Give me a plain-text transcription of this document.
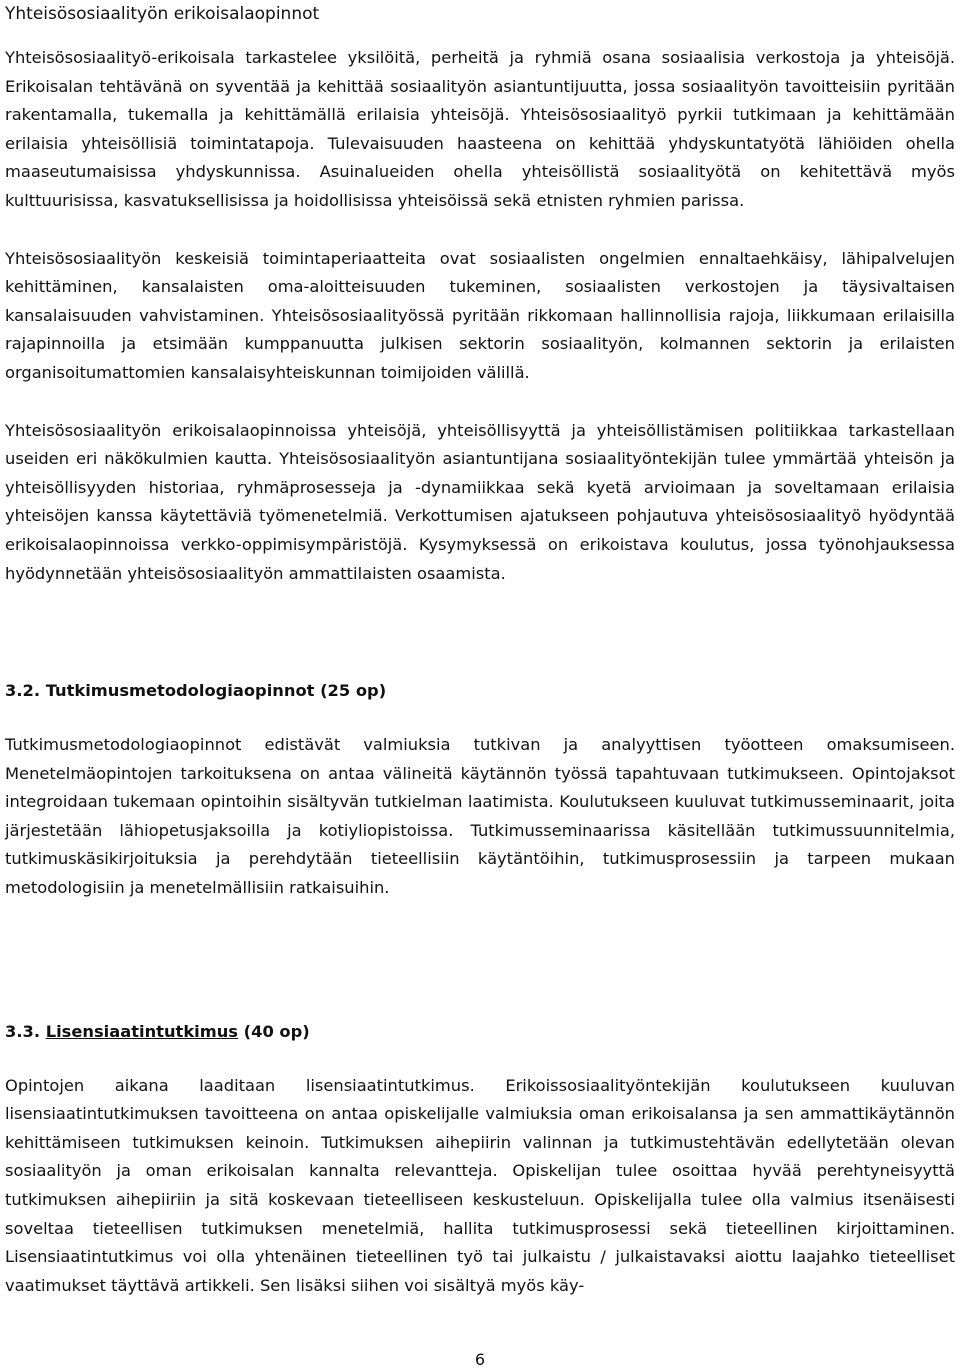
Yhteisösosiaalityön erikoisalaopinnot

Yhteisösosiaalityö-erikoisala tarkastelee yksilöitä, perheitä ja ryhmiä osana sosiaalisia verkostoja ja yhteisöjä. Erikoisalan tehtävänä on syventää ja kehittää sosiaalityön asiantuntijuutta, jossa sosiaalityön tavoitteisiin pyritään rakentamalla, tukemalla ja kehittämällä erilaisia yhteisöjä. Yhteisösosiaalityö pyrkii tutkimaan ja kehittämään erilaisia yhteisöllisiä toimintatapoja. Tulevaisuuden haasteena on kehittää yhdyskuntatyötä lähiöiden ohella maaseutumaisissa yhdyskunnissa. Asuinalueiden ohella yhteisöllistä sosiaalityötä on kehitettävä myös kulttuurisissa, kasvatuksellisissa ja hoidollisissa yhteisöissä sekä etnisten ryhmien parissa.

Yhteisösosiaalityön keskeisiä toimintaperiaatteita ovat sosiaalisten ongelmien ennaltaehkäisy, lähipalvelujen kehittäminen, kansalaisten oma-aloitteisuuden tukeminen, sosiaalisten verkostojen ja täysivaltaisen kansalaisuuden vahvistaminen. Yhteisösosiaalityössä pyritään rikkomaan hallinnollisia rajoja, liikkumaan erilaisilla rajapinnoilla ja etsimään kumppanuutta julkisen sektorin sosiaalityön, kolmannen sektorin ja erilaisten organisoitumattomien kansalaisyhteiskunnan toimijoiden välillä.

Yhteisösosiaalityön erikoisalaopinnoissa yhteisöjä, yhteisöllisyyttä ja yhteisöllistämisen politiikkaa tarkastellaan useiden eri näkökulmien kautta. Yhteisösosiaalityön asiantuntijana sosiaalityöntekijän tulee ymmärtää yhteisön ja yhteisöllisyyden historiaa, ryhmäprosesseja ja -dynamiikkaa sekä kyetä arvioimaan ja soveltamaan erilaisia yhteisöjen kanssa käytettäviä työmenetelmiä. Verkottumisen ajatukseen pohjautuva yhteisösosiaalityö hyödyntää erikoisalaopinnoissa verkko-oppimisympäristöjä. Kysymyksessä on erikoistava koulutus, jossa työnohjauksessa hyödynnetään yhteisösosiaalityön ammattilaisten osaamista.

3.2. Tutkimusmetodologiaopinnot (25 op)

Tutkimusmetodologiaopinnot edistävät valmiuksia tutkivan ja analyyttisen työotteen omaksumiseen. Menetelmäopintojen tarkoituksena on antaa välineitä käytännön työssä tapahtuvaan tutkimukseen. Opintojaksot integroidaan tukemaan opintoihin sisältyvän tutkielman laatimista. Koulutukseen kuuluvat tutkimusseminaarit, joita järjestetään lähiopetusjaksoilla ja kotiyliopistoissa. Tutkimusseminaarissa käsitellään tutkimussuunnitelmia, tutkimuskäsikirjoituksia ja perehdytään tieteellisiin käytäntöihin, tutkimusprosessiin ja tarpeen mukaan metodologisiin ja menetelmällisiin ratkaisuihin.

3.3. Lisensiaatintutkimus (40 op)

Opintojen aikana laaditaan lisensiaatintutkimus. Erikoissosiaalityöntekijän koulutukseen kuuluvan lisensiaatintutkimuksen tavoitteena on antaa opiskelijalle valmiuksia oman erikoisalansa ja sen ammattikäytännön kehittämiseen tutkimuksen keinoin. Tutkimuksen aihepiirin valinnan ja tutkimustehtävän edellytetään olevan sosiaalityön ja oman erikoisalan kannalta relevantteja. Opiskelijan tulee osoittaa hyvää perehtyneisyyttä tutkimuksen aihepiiriin ja sitä koskevaan tieteelliseen keskusteluun. Opiskelijalla tulee olla valmius itsenäisesti soveltaa tieteellisen tutkimuksen menetelmiä, hallita tutkimusprosessi sekä tieteellinen kirjoittaminen. Lisensiaatintutkimus voi olla yhtenäinen tieteellinen työ tai julkaistu / julkaistavaksi aiottu laajahko tieteelliset vaatimukset täyttävä artikkeli. Sen lisäksi siihen voi sisältyä myös käy-

6
